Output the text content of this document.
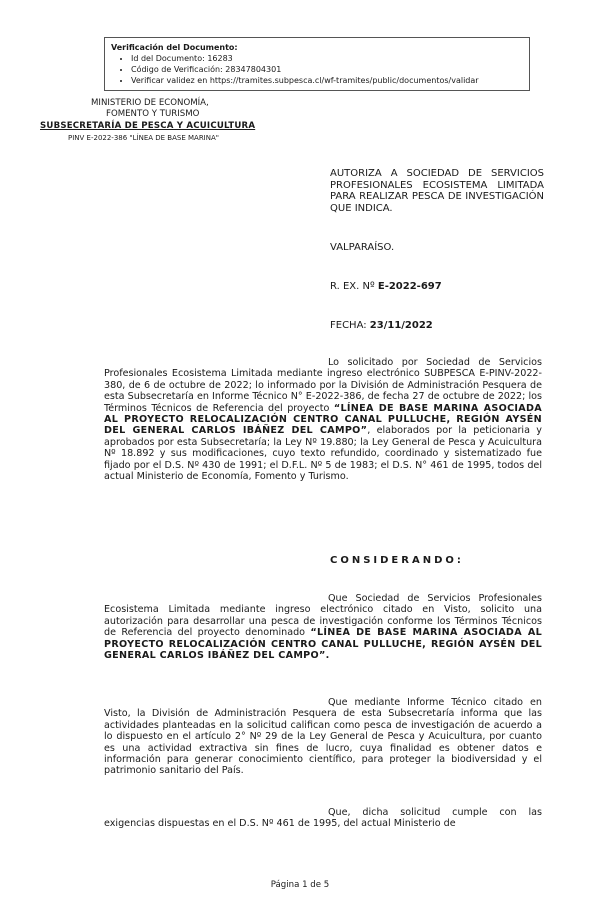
Verificación del Documento:
• Id del Documento: 16283
• Código de Verificación: 28347804301
• Verificar validez en https://tramites.subpesca.cl/wf-tramites/public/documentos/validar
MINISTERIO DE ECONOMÍA,
FOMENTO Y TURISMO
SUBSECRETARÍA DE PESCA Y ACUICULTURA
PINV E-2022-386 "LÍNEA DE BASE MARINA"
AUTORIZA A SOCIEDAD DE SERVICIOS PROFESIONALES ECOSISTEMA LIMITADA PARA REALIZAR PESCA DE INVESTIGACIÓN QUE INDICA.
VALPARAÍSO.
R. EX. Nº E-2022-697
FECHA: 23/11/2022
Lo solicitado por Sociedad de Servicios Profesionales Ecosistema Limitada mediante ingreso electrónico SUBPESCA E-PINV-2022-380, de 6 de octubre de 2022; lo informado por la División de Administración Pesquera de esta Subsecretaría en Informe Técnico N° E-2022-386, de fecha 27 de octubre de 2022; los Términos Técnicos de Referencia del proyecto “LÍNEA DE BASE MARINA ASOCIADA AL PROYECTO RELOCALIZACIÓN CENTRO CANAL PULLUCHE, REGIÓN AYSÉN DEL GENERAL CARLOS IBÁÑEZ DEL CAMPO”, elaborados por la peticionaria y aprobados por esta Subsecretaría; la Ley Nº 19.880; la Ley General de Pesca y Acuicultura Nº 18.892 y sus modificaciones, cuyo texto refundido, coordinado y sistematizado fue fijado por el D.S. Nº 430 de 1991; el D.F.L. Nº 5 de 1983; el D.S. N° 461 de 1995, todos del actual Ministerio de Economía, Fomento y Turismo.
CONSIDERANDO:
Que Sociedad de Servicios Profesionales Ecosistema Limitada mediante ingreso electrónico citado en Visto, solicito una autorización para desarrollar una pesca de investigación conforme los Términos Técnicos de Referencia del proyecto denominado “LÍNEA DE BASE MARINA ASOCIADA AL PROYECTO RELOCALIZACIÓN CENTRO CANAL PULLUCHE, REGIÓN AYSÉN DEL GENERAL CARLOS IBÁÑEZ DEL CAMPO”.
Que mediante Informe Técnico citado en Visto, la División de Administración Pesquera de esta Subsecretaría informa que las actividades planteadas en la solicitud califican como pesca de investigación de acuerdo a lo dispuesto en el artículo 2° Nº 29 de la Ley General de Pesca y Acuicultura, por cuanto es una actividad extractiva sin fines de lucro, cuya finalidad es obtener datos e información para generar conocimiento científico, para proteger la biodiversidad y el patrimonio sanitario del País.
Que, dicha solicitud cumple con las exigencias dispuestas en el D.S. Nº 461 de 1995, del actual Ministerio de
Página 1 de 5
